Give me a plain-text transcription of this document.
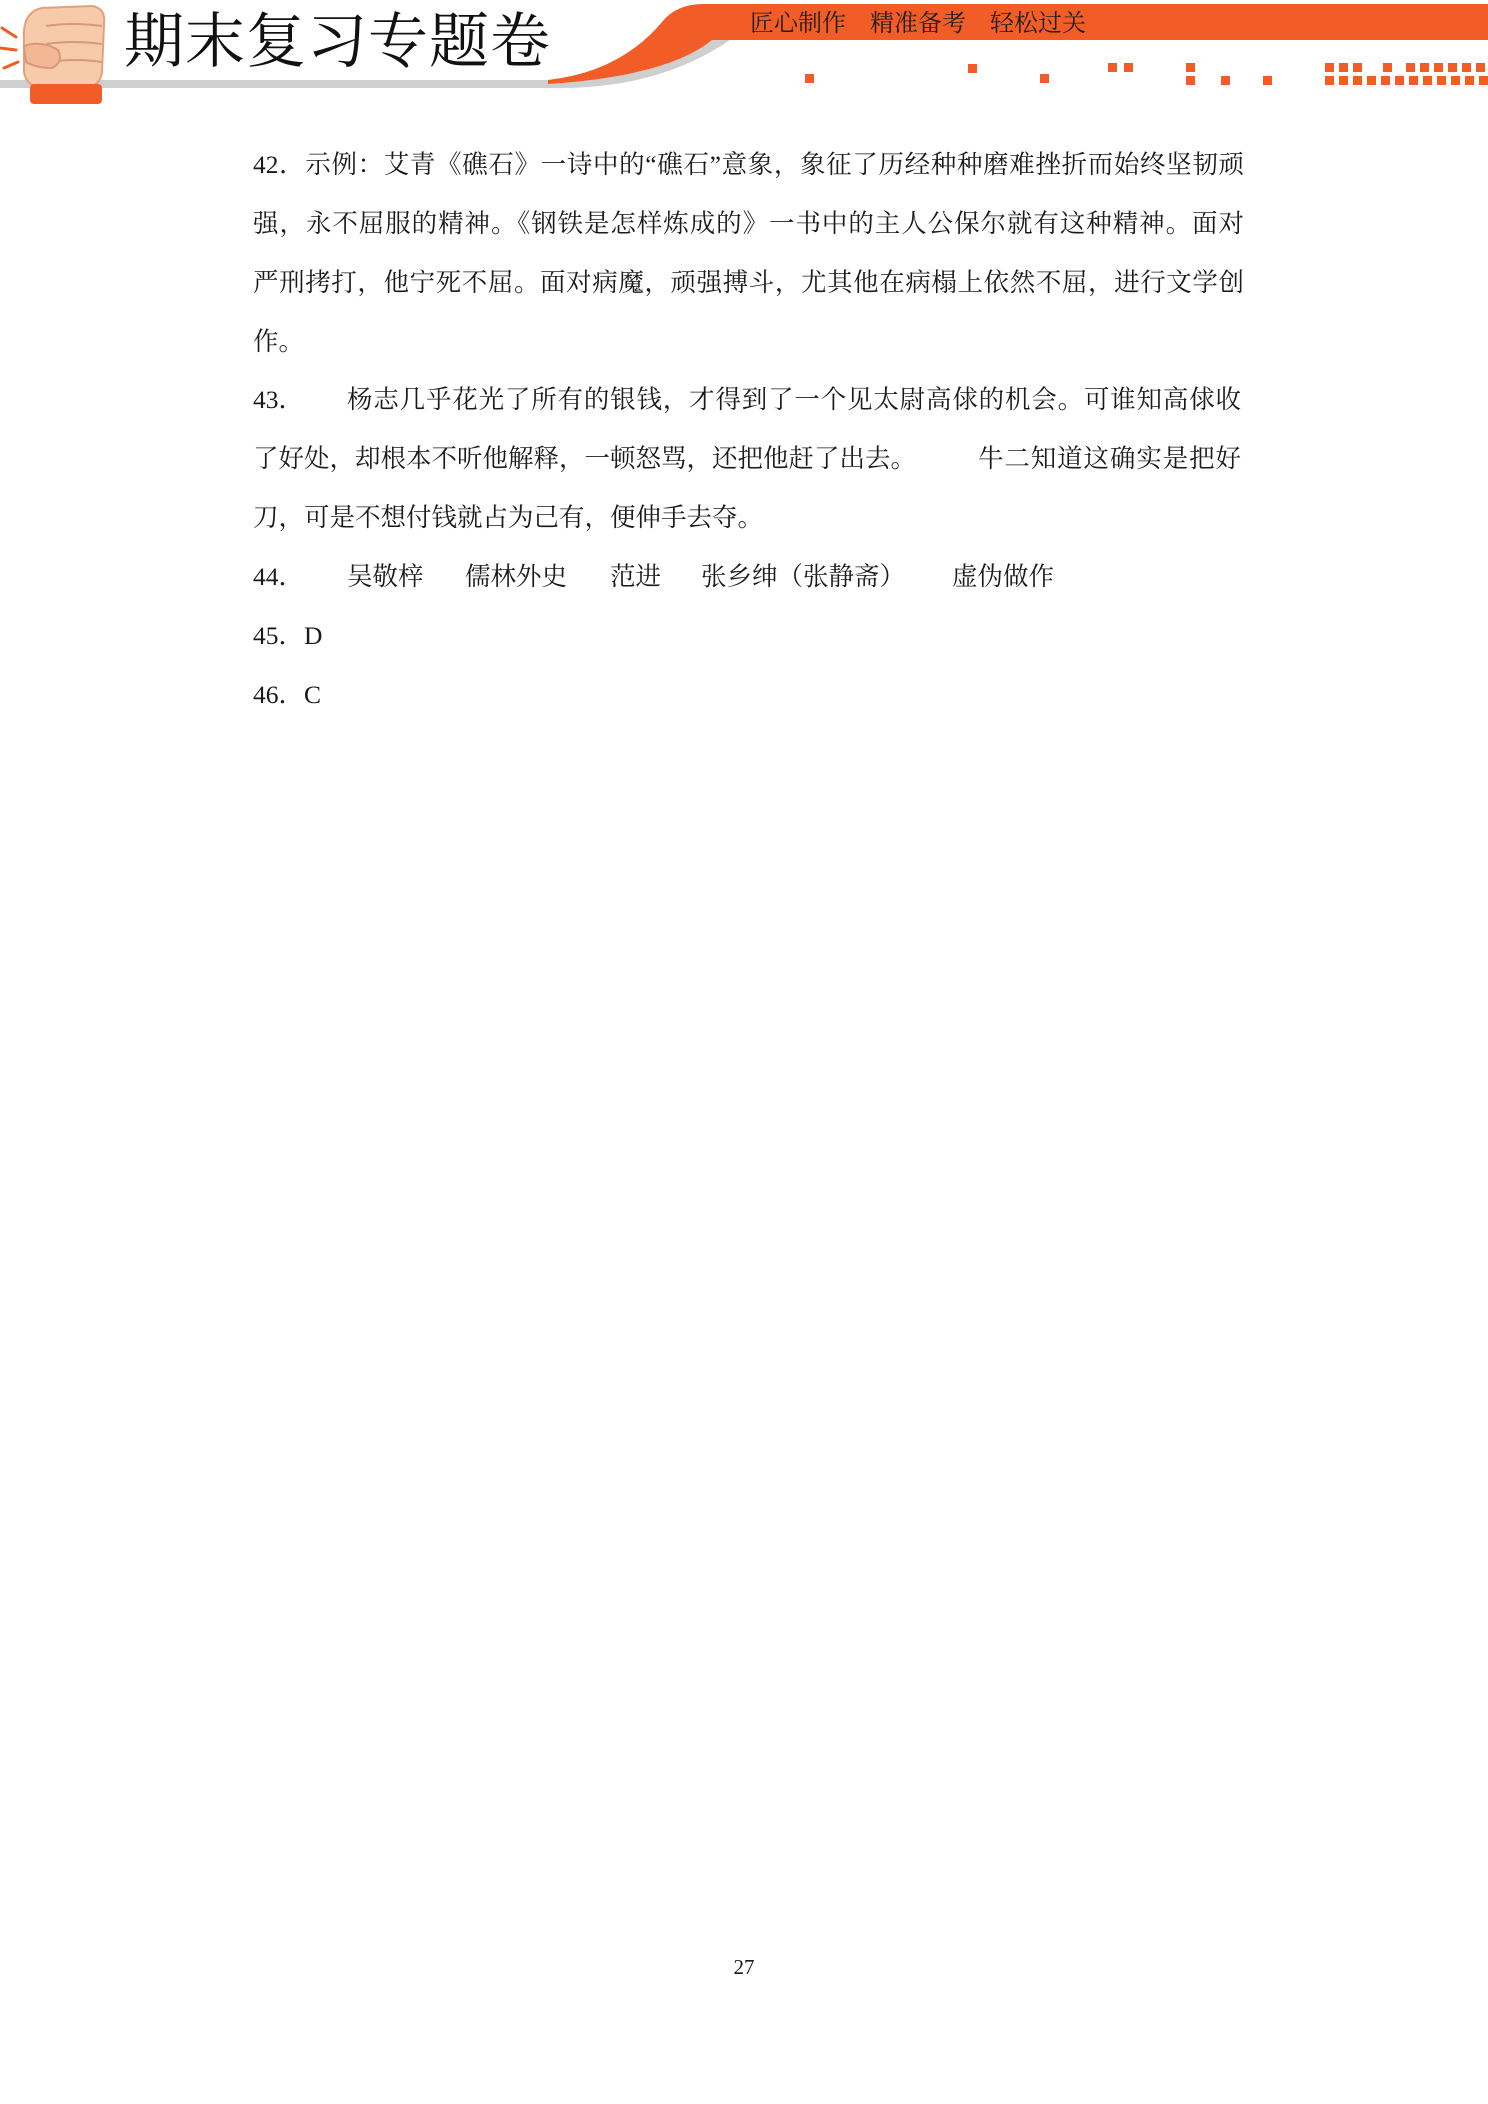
期末复习专题卷	匠心制作 精准备考 轻松过关
42．示例：艾青《礁石》一诗中的“礁石”意象，象征了历经种种磨难挫折而始终坚韧顽
强，永不屈服的精神。《钢铁是怎样炼成的》一书中的主人公保尔就有这种精神。面对
严刑拷打，他宁死不屈。面对病魔，顽强搏斗，尤其他在病榻上依然不屈，进行文学创
作。
43． 杨志几乎花光了所有的银钱，才得到了一个见太尉高俅的机会。可谁知高俅收
了好处，却根本不听他解释，一顿怒骂，还把他赶了出去。 牛二知道这确实是把好
刀，可是不想付钱就占为己有，便伸手去夺。
44． 吴敬梓 儒林外史 范进 张乡绅（张静斋） 虚伪做作
45．D
46．C
27
